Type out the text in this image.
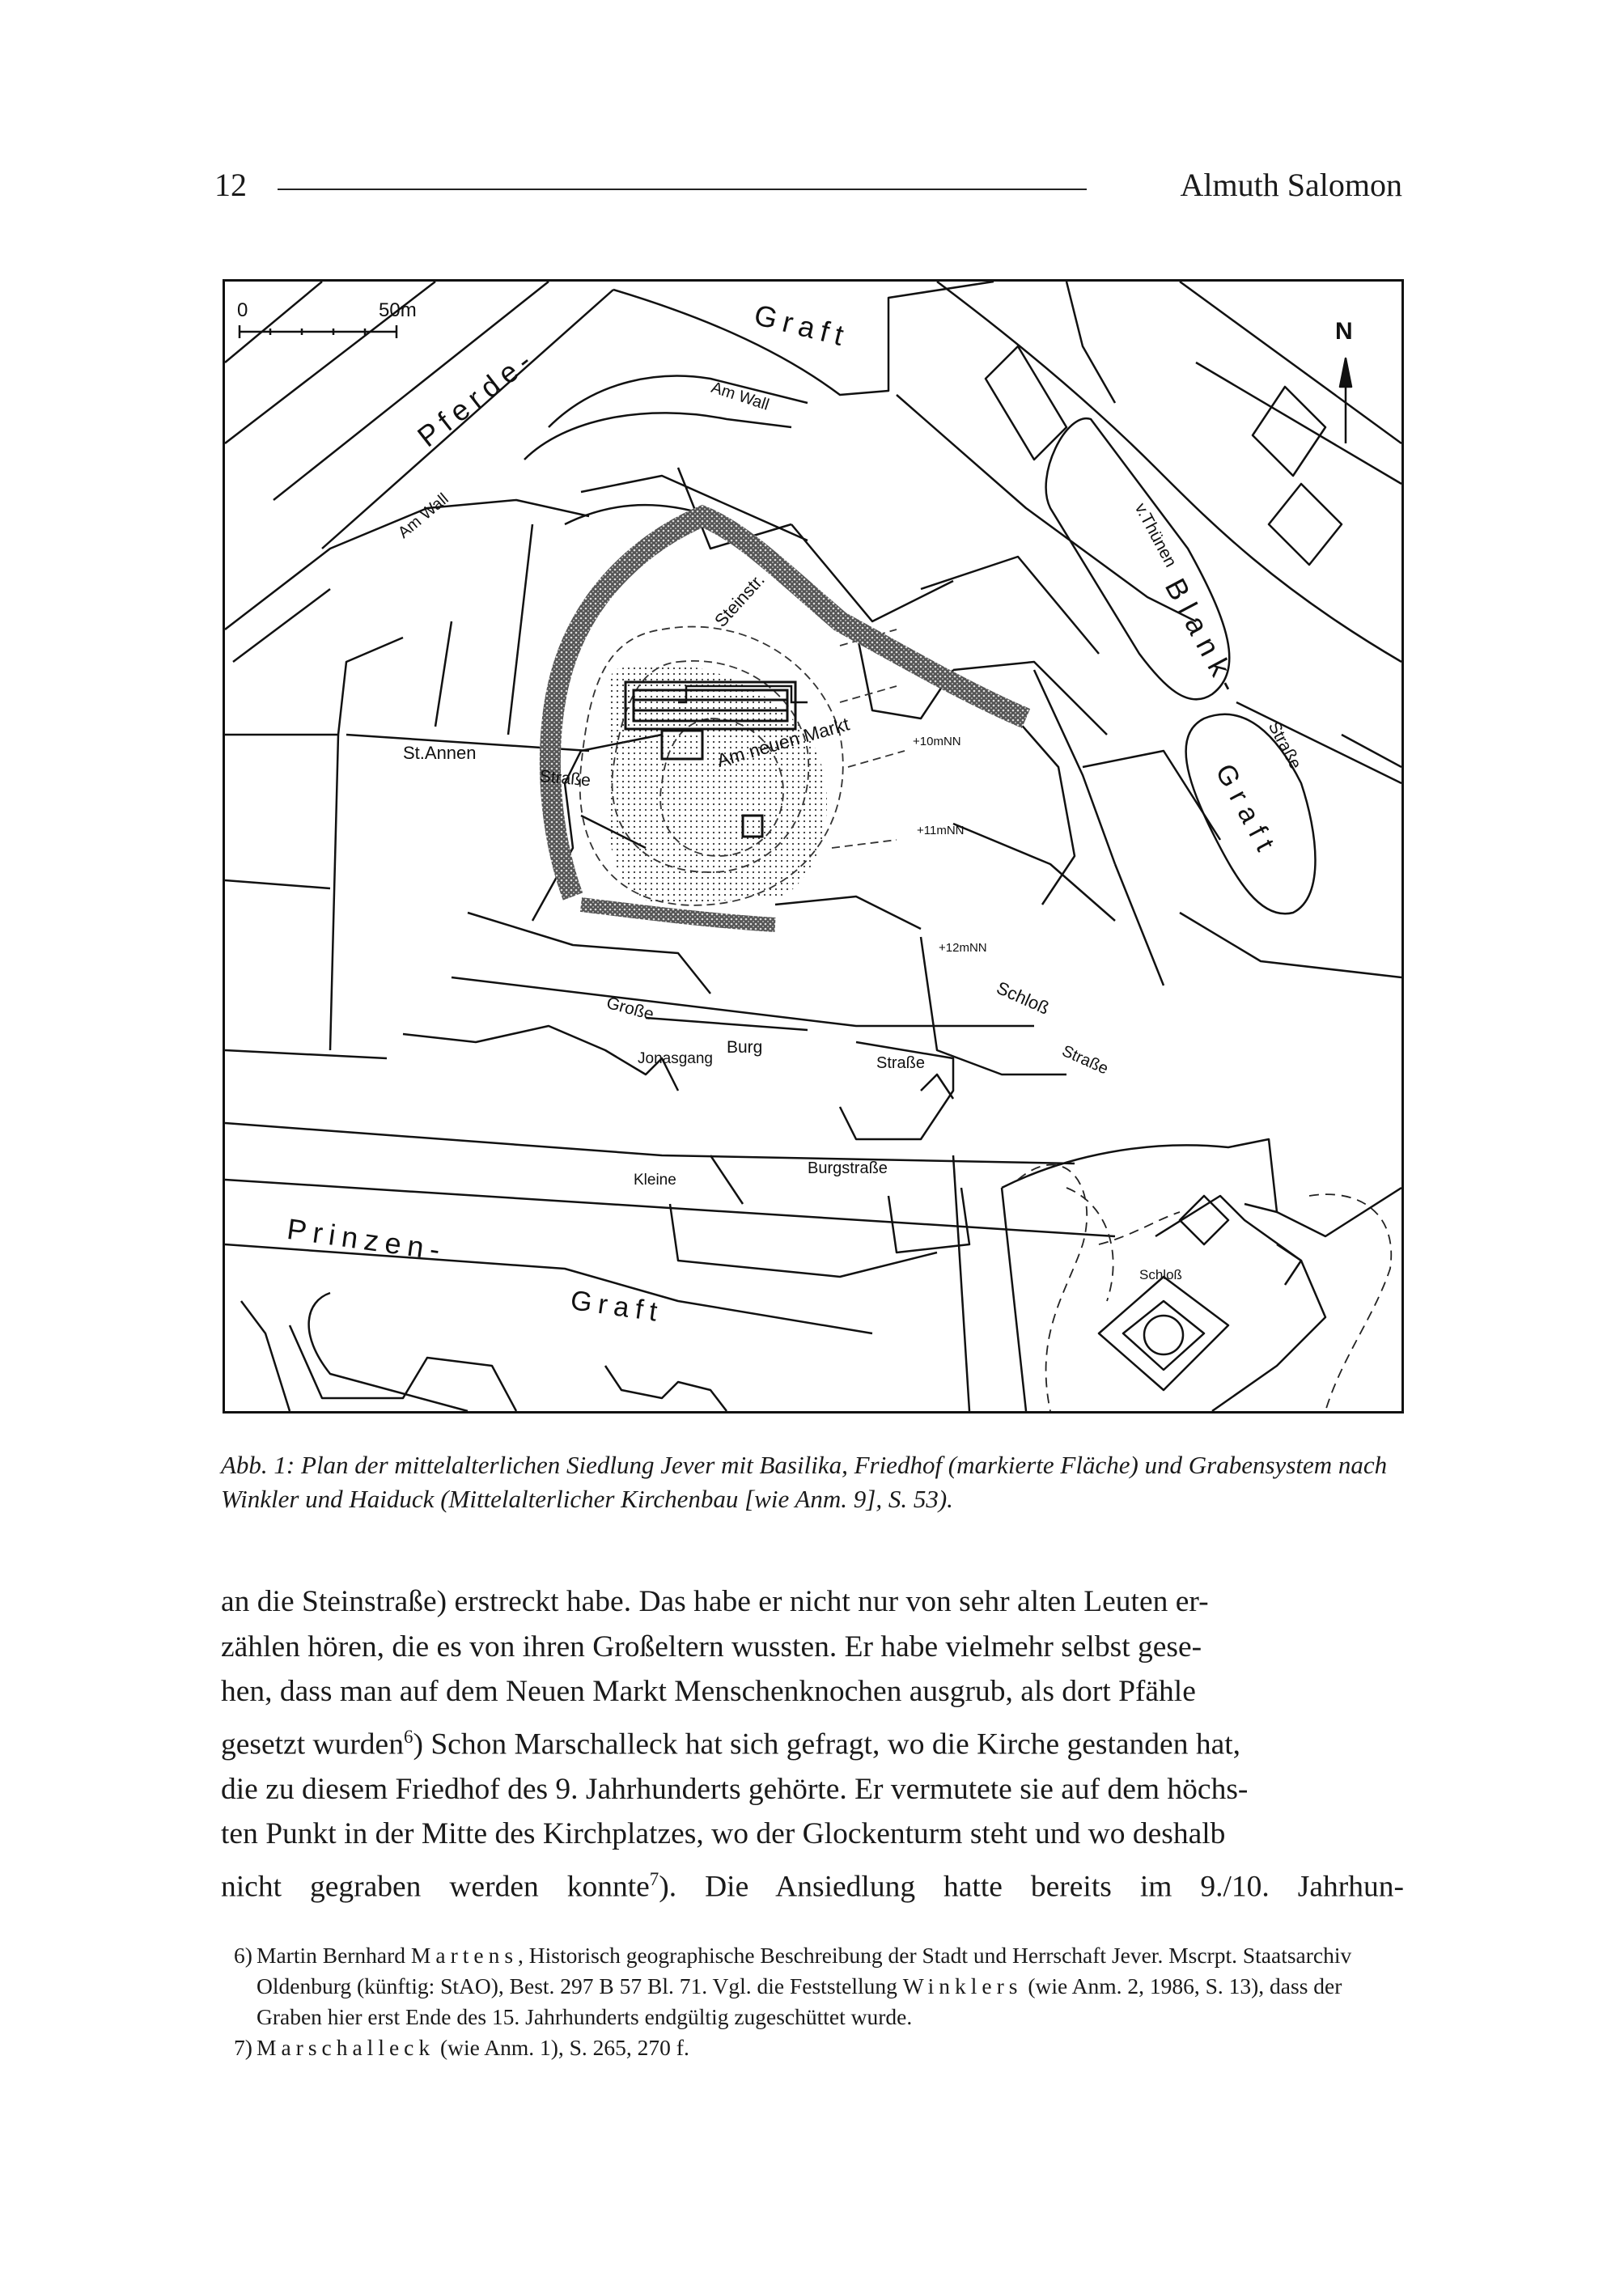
12	Almuth Salomon
0	50m
N
Pferde-
Graft
Am Wall
Am Wall
Steinstr.
Am neuen Markt
St.Annen
Straße
v.Thünen
Blank-
Straße
Graft
+10mNN
+11mNN
+12mNN
Große
Burg
Jonasgang	Straße
Schloß
Straße
Burgstraße
Kleine
Prinzen-
Graft
Schloß
Abb. 1: Plan der mittelalterlichen Siedlung Jever mit Basilika, Friedhof (markierte Fläche) und Grabensystem nach Winkler und Haiduck (Mittelalterlicher Kirchenbau [wie Anm. 9], S. 53).
an die Steinstraße) erstreckt habe. Das habe er nicht nur von sehr alten Leuten er-
zählen hören, die es von ihren Großeltern wussten. Er habe vielmehr selbst gese-
hen, dass man auf dem Neuen Markt Menschenknochen ausgrub, als dort Pfähle
gesetzt wurden$^6$) Schon Marschalleck hat sich gefragt, wo die Kirche gestanden hat,
die zu diesem Friedhof des 9. Jahrhunderts gehörte. Er vermutete sie auf dem höchs-
ten Punkt in der Mitte des Kirchplatzes, wo der Glockenturm steht und wo deshalb
nicht gegraben werden konnte$^7$). Die Ansiedlung hatte bereits im 9./10. Jahrhun-
6) Martin Bernhard Martens, Historisch geographische Beschreibung der Stadt und Herrschaft Jever. Mscrpt. Staatsarchiv Oldenburg (künftig: StAO), Best. 297 B 57 Bl. 71. Vgl. die Feststellung Winklers (wie Anm. 2, 1986, S. 13), dass der Graben hier erst Ende des 15. Jahrhunderts endgültig zugeschüttet wurde.
7) Marschalleck (wie Anm. 1), S. 265, 270 f.
